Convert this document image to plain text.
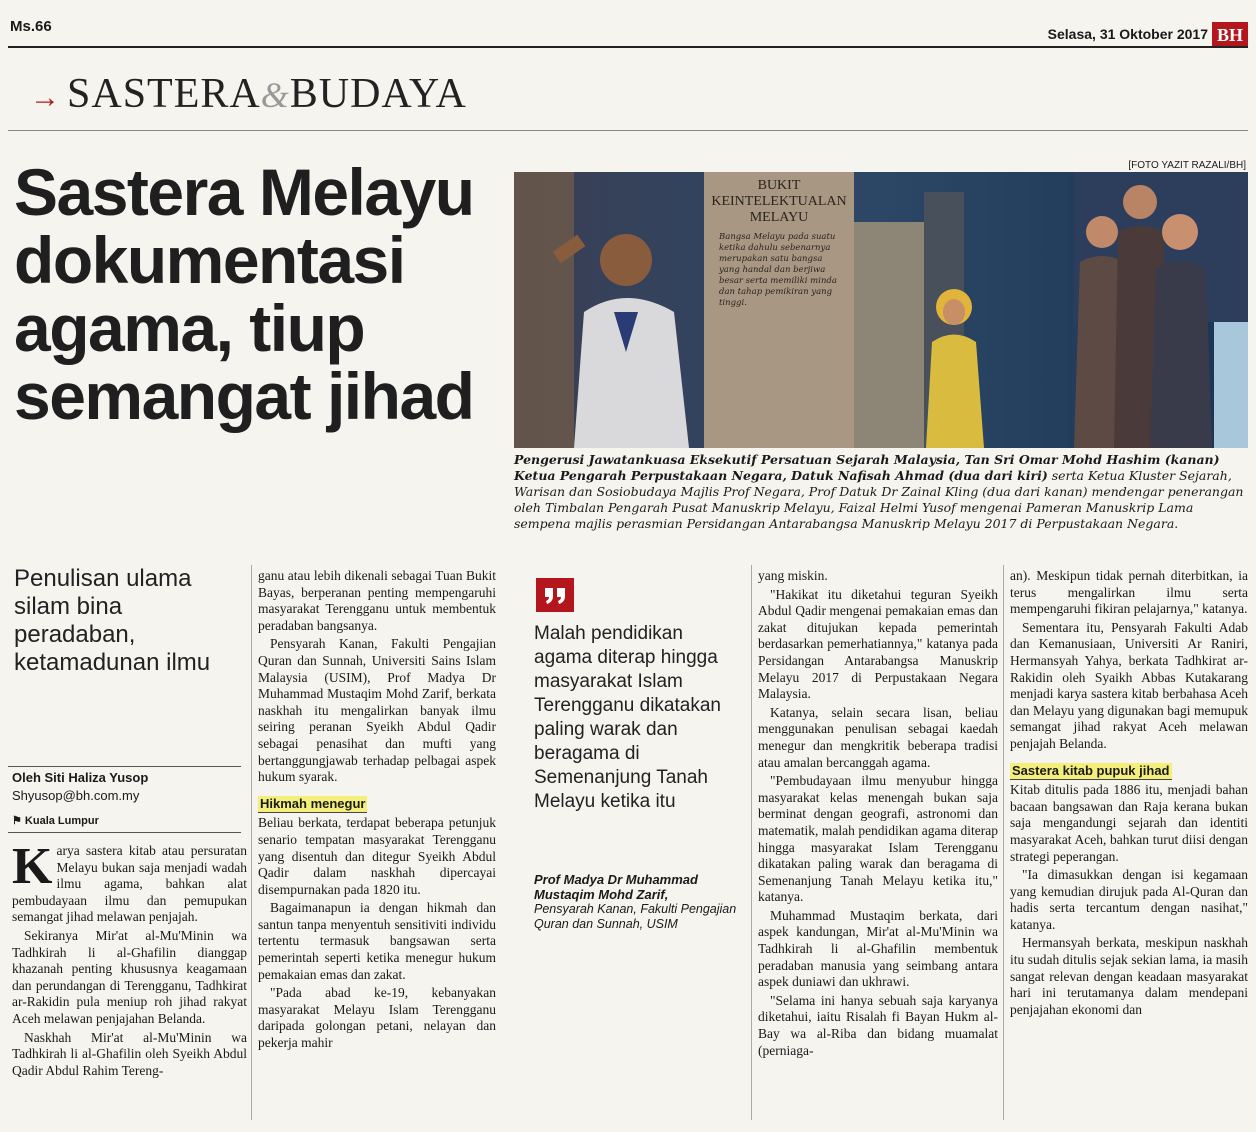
Ms.66	Selasa, 31 Oktober 2017 BH
→ SASTERA&BUDAYA
Sastera Melayu
dokumentasi
agama, tiup
semangat jihad
[FOTO YAZIT RAZALI/BH]
BUKIT
KEINTELEKTUALAN
MELAYU
Bangsa Melayu pada suatu ketika dahulu sebenarnya merupakan satu bangsa yang handal dan berjiwa besar serta memiliki minda dan tahap pemikiran yang tinggi.
Pengerusi Jawatankuasa Eksekutif Persatuan Sejarah Malaysia, Tan Sri Omar Mohd Hashim (kanan) Ketua Pengarah Perpustakaan Negara, Datuk Nafisah Ahmad (dua dari kiri) serta Ketua Kluster Sejarah, Warisan dan Sosiobudaya Majlis Prof Negara, Prof Datuk Dr Zainal Kling (dua dari kanan) mendengar penerangan oleh Timbalan Pengarah Pusat Manuskrip Melayu, Faizal Helmi Yusof mengenai Pameran Manuskrip Lama sempena majlis perasmian Persidangan Antarabangsa Manuskrip Melayu 2017 di Perpustakaan Negara.
Penulisan ulama silam bina peradaban, ketamadunan ilmu
Oleh Siti Haliza Yusop
Shyusop@bh.com.my
⚑ Kuala Lumpur

Karya sastera kitab atau persuratan Melayu bukan saja menjadi wadah ilmu agama, bahkan alat pembudayaan ilmu dan pemupukan semangat jihad melawan penjajah.

Sekiranya Mir'at al-Mu'Minin wa Tadhkirah li al-Ghafilin dianggap khazanah penting khususnya keagamaan dan perundangan di Terengganu, Tadhkirat ar-Rakidin pula meniup roh jihad rakyat Aceh melawan penjajahan Belanda.

Naskhah Mir'at al-Mu'Minin wa Tadhkirah li al-Ghafilin oleh Syeikh Abdul Qadir Abdul Rahim Tereng-

ganu atau lebih dikenali sebagai Tuan Bukit Bayas, berperanan penting mempengaruhi masyarakat Terengganu untuk membentuk peradaban bangsanya.

Pensyarah Kanan, Fakulti Pengajian Quran dan Sunnah, Universiti Sains Islam Malaysia (USIM), Prof Madya Dr Muhammad Mustaqim Mohd Zarif, berkata naskhah itu mengalirkan banyak ilmu seiring peranan Syeikh Abdul Qadir sebagai penasihat dan mufti yang bertanggungjawab terhadap pelbagai aspek hukum syarak.

Hikmah menegur

Beliau berkata, terdapat beberapa petunjuk senario tempatan masyarakat Terengganu yang disentuh dan ditegur Syeikh Abdul Qadir dalam naskhah dipercayai disempurnakan pada 1820 itu.

Bagaimanapun ia dengan hikmah dan santun tanpa menyentuh sensitiviti individu tertentu termasuk bangsawan serta pemerintah seperti ketika menegur hukum pemakaian emas dan zakat.

"Pada abad ke-19, kebanyakan masyarakat Melayu Islam Terengganu daripada golongan petani, nelayan dan pekerja mahir

Malah pendidikan agama diterap hingga masyarakat Islam Terengganu dikatakan paling warak dan beragama di Semenanjung Tanah Melayu ketika itu
Prof Madya Dr Muhammad Mustaqim Mohd Zarif,
Pensyarah Kanan, Fakulti Pengajian Quran dan Sunnah, USIM

yang miskin.

"Hakikat itu diketahui teguran Syeikh Abdul Qadir mengenai pemakaian emas dan zakat ditujukan kepada pemerintah berdasarkan pemerhatiannya," katanya pada Persidangan Antarabangsa Manuskrip Melayu 2017 di Perpustakaan Negara Malaysia.

Katanya, selain secara lisan, beliau menggunakan penulisan sebagai kaedah menegur dan mengkritik beberapa tradisi atau amalan bercanggah agama.

"Pembudayaan ilmu menyubur hingga masyarakat kelas menengah bukan saja berminat dengan geografi, astronomi dan matematik, malah pendidikan agama diterap hingga masyarakat Islam Terengganu dikatakan paling warak dan beragama di Semenanjung Tanah Melayu ketika itu," katanya.

Muhammad Mustaqim berkata, dari aspek kandungan, Mir'at al-Mu'Minin wa Tadhkirah li al-Ghafilin membentuk peradaban manusia yang seimbang antara aspek duniawi dan ukhrawi.

"Selama ini hanya sebuah saja karyanya diketahui, iaitu Risalah fi Bayan Hukm al-Bay wa al-Riba dan bidang muamalat (perniaga-

an). Meskipun tidak pernah diterbitkan, ia terus mengalirkan ilmu serta mempengaruhi fikiran pelajarnya," katanya.

Sementara itu, Pensyarah Fakulti Adab dan Kemanusiaan, Universiti Ar Raniri, Hermansyah Yahya, berkata Tadhkirat ar-Rakidin oleh Syaikh Abbas Kutakarang menjadi karya sastera kitab berbahasa Aceh dan Melayu yang digunakan bagi memupuk semangat jihad rakyat Aceh melawan penjajah Belanda.

Sastera kitab pupuk jihad

Kitab ditulis pada 1886 itu, menjadi bahan bacaan bangsawan dan Raja kerana bukan saja mengandungi sejarah dan identiti masyarakat Aceh, bahkan turut diisi dengan strategi peperangan.

"Ia dimasukkan dengan isi kegamaan yang kemudian dirujuk pada Al-Quran dan hadis serta tercantum dengan nasihat," katanya.

Hermansyah berkata, meskipun naskhah itu sudah ditulis sejak sekian lama, ia masih sangat relevan dengan keadaan masyarakat hari ini terutamanya dalam mendepani penjajahan ekonomi dan
